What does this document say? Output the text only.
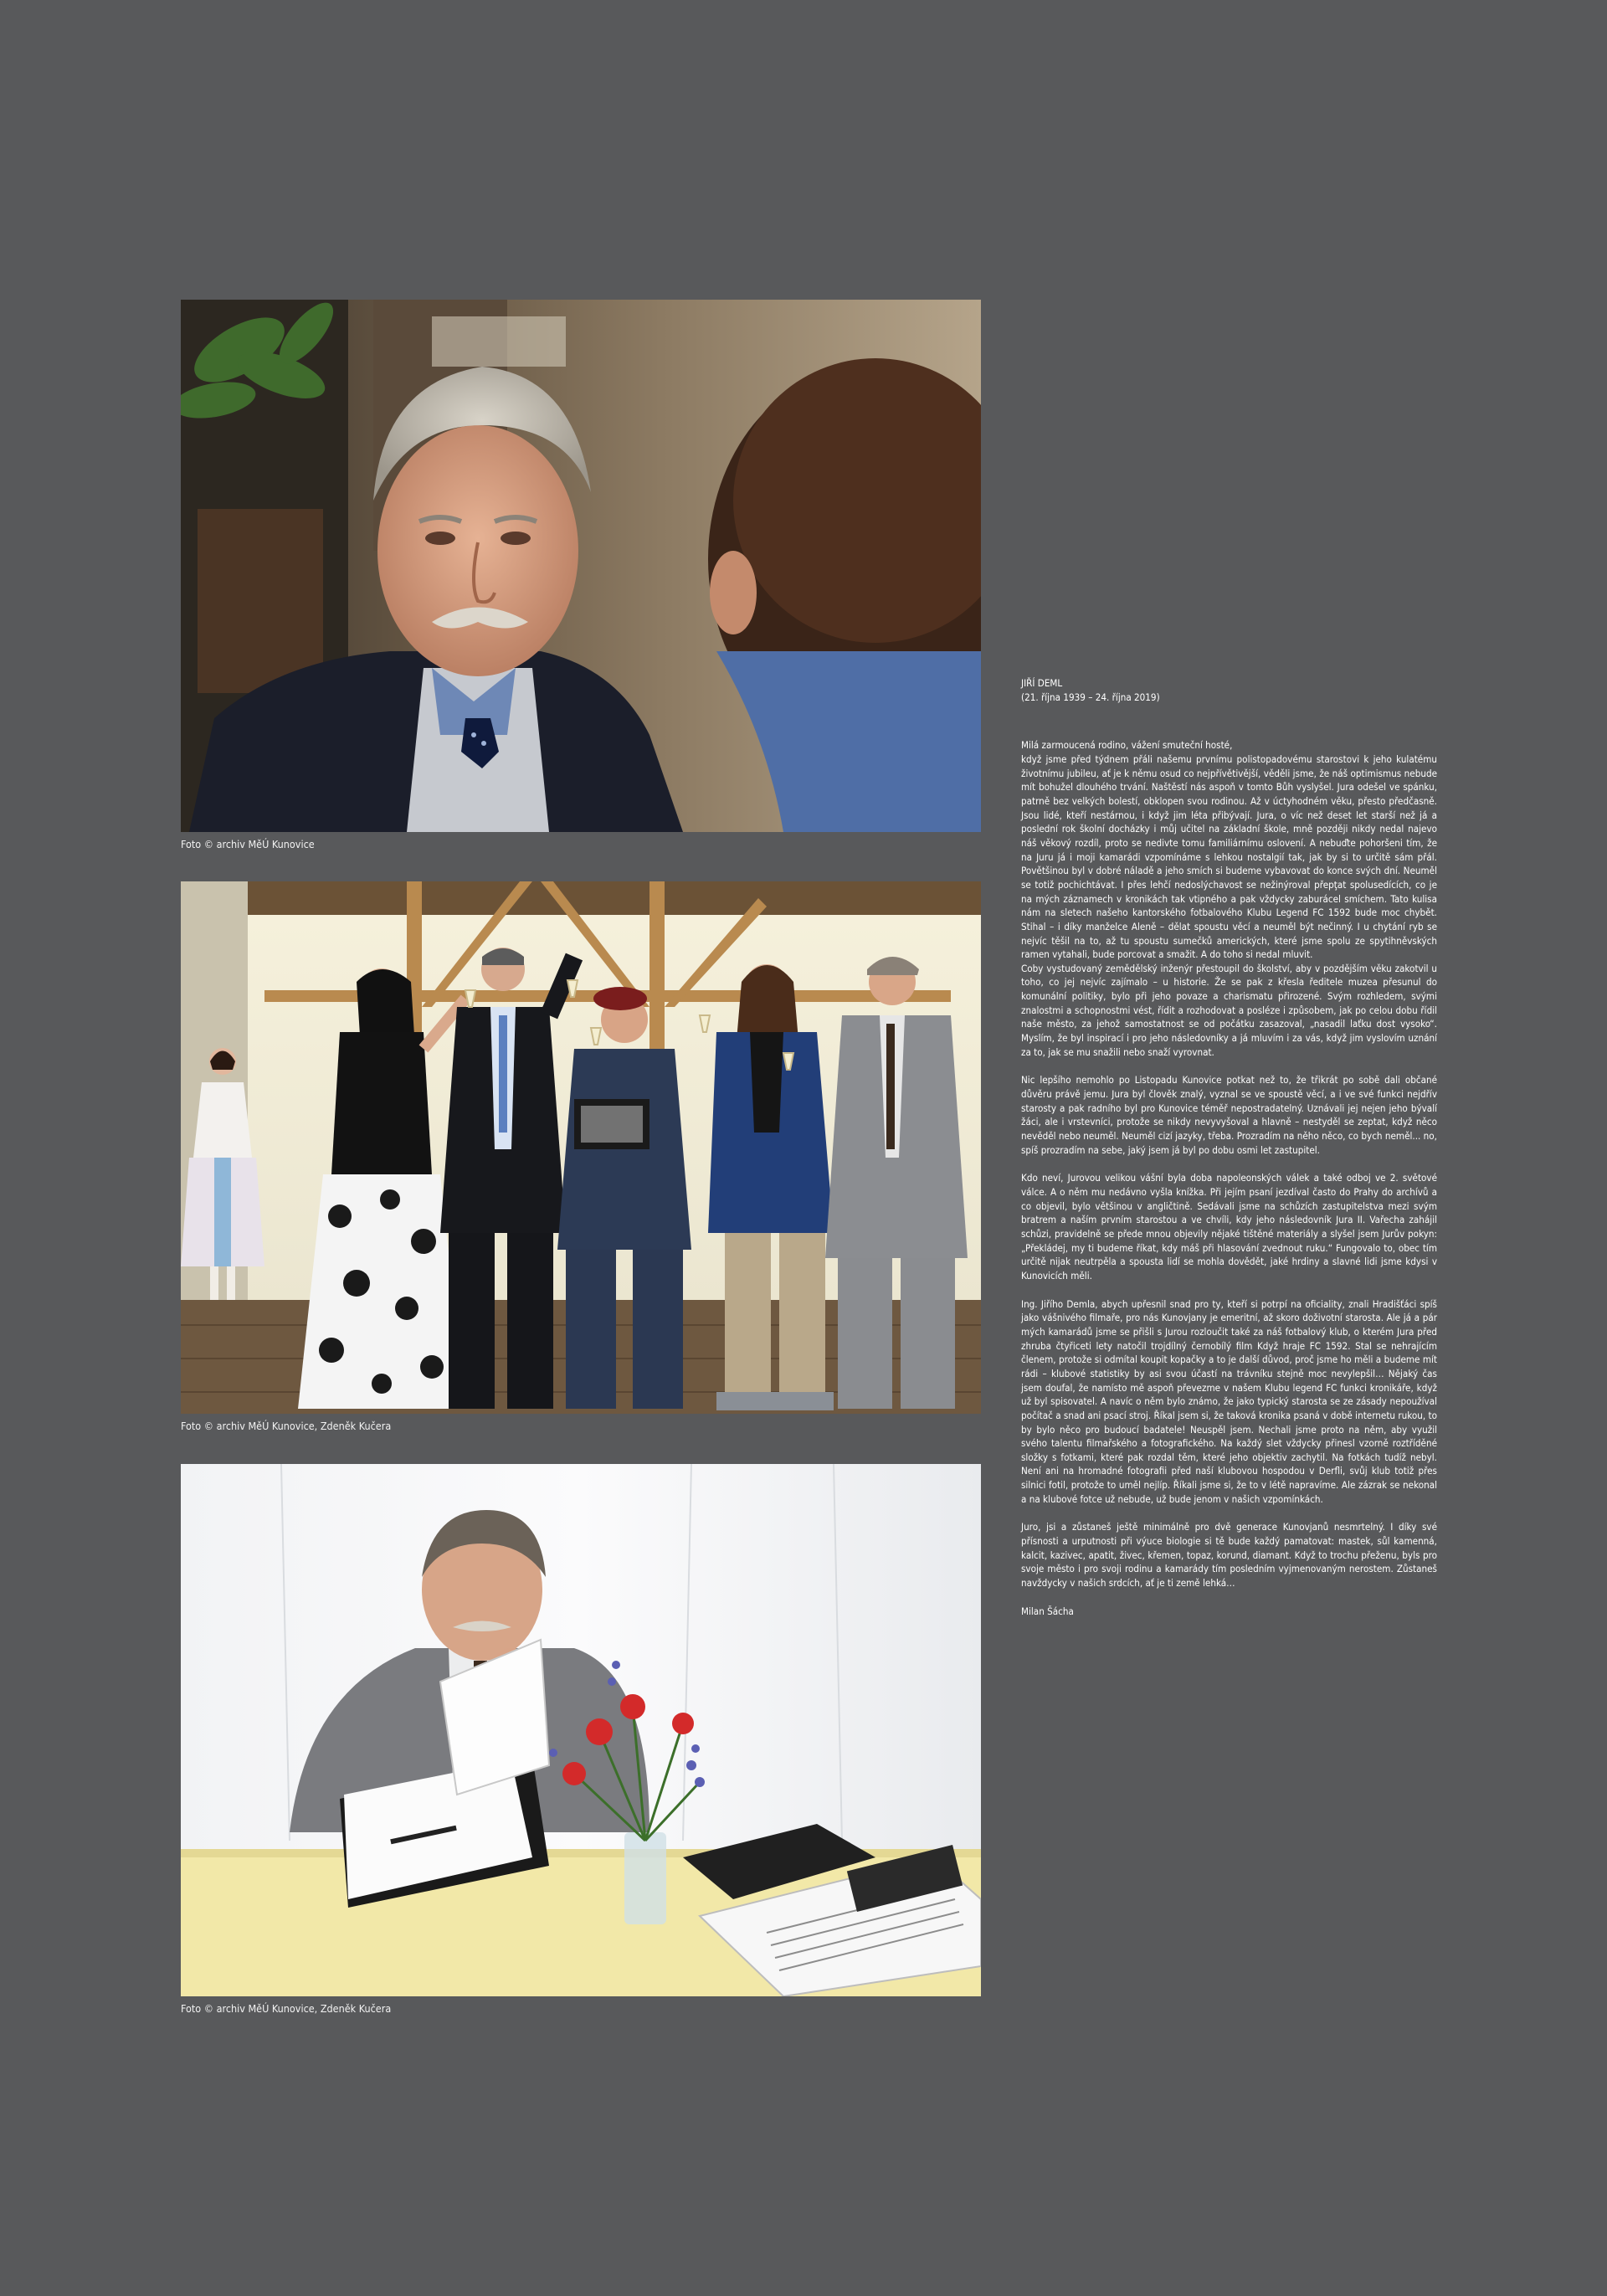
Foto © archiv MěÚ Kunovice
Foto © archiv MěÚ Kunovice, Zdeněk Kučera
Foto © archiv MěÚ Kunovice, Zdeněk Kučera
JIŘÍ DEML
(21. října 1939 – 24. října 2019)

Milá zarmoucená rodino, vážení smuteční hosté,
když jsme před týdnem přáli našemu prvnímu polistopadovému starostovi k jeho kulatému životnímu jubileu, ať je k němu osud co nejpřívětivější, věděli jsme, že náš optimismus nebude mít bohužel dlouhého trvání. Naštěstí nás aspoň v tomto Bůh vyslyšel. Jura odešel ve spánku, patrně bez velkých bolestí, obklopen svou rodinou. Až v úctyhodném věku, přesto předčasně. Jsou lidé, kteří nestárnou, i když jim léta přibývají. Jura, o víc než deset let starší než já a poslední rok školní docházky i můj učitel na základní škole, mně později nikdy nedal najevo náš věkový rozdíl, proto se nedivte tomu familiárnímu oslovení. A nebuďte pohoršeni tím, že na Juru já i moji kamarádi vzpomínáme s lehkou nostalgií tak, jak by si to určitě sám přál. Povětšinou byl v dobré náladě a jeho smích si budeme vybavovat do konce svých dní. Neuměl se totiž pochichtávat. I přes lehčí nedoslýchavost se nežinýroval přepţat spolusedících, co je na mých záznamech v kronikách tak vtipného a pak vždycky zaburácel smíchem. Tato kulisa nám na sletech našeho kantorského fotbalového Klubu Legend FC 1592 bude moc chybět. Stihal – i díky manželce Aleně – dělat spoustu věcí a neuměl být nečinný. I u chytání ryb se nejvíc těšil na to, až tu spoustu sumečků amerických, které jsme spolu ze spytihněvských ramen vytahali, bude porcovat a smažit. A do toho si nedal mluvit.
Coby vystudovaný zemědělský inženýr přestoupil do školství, aby v pozdějším věku zakotvil u toho, co jej nejvíc zajímalo – u historie. Že se pak z křesla ředitele muzea přesunul do komunální politiky, bylo při jeho povaze a charismatu přirozené. Svým rozhledem, svými znalostmi a schopnostmi vést, řídit a rozhodovat a posléze i způsobem, jak po celou dobu řídil naše město, za jehož samostatnost se od počátku zasazoval, „nasadil laťku dost vysoko“. Myslím, že byl inspirací i pro jeho následovníky a já mluvím i za vás, když jim vyslovím uznání za to, jak se mu snažili nebo snaží vyrovnat.

Nic lepšího nemohlo po Listopadu Kunovice potkat než to, že třikrát po sobě dali občané důvěru právě jemu. Jura byl člověk znalý, vyznal se ve spoustě věcí, a i ve své funkci nejdřív starosty a pak radního byl pro Kunovice téměř nepostradatelný. Uznávali jej nejen jeho bývalí žáci, ale i vrstevníci, protože se nikdy nevyvyšoval a hlavně – nestyděl se zeptat, když něco nevěděl nebo neuměl. Neuměl cizí jazyky, třeba. Prozradím na něho něco, co bych neměl... no, spíš prozradím na sebe, jaký jsem já byl po dobu osmi let zastupitel.

Kdo neví, Jurovou velikou vášní byla doba napoleonských válek a také odboj ve 2. světové válce. A o něm mu nedávno vyšla knížka. Při jejím psaní jezdíval často do Prahy do archívů a co objevil, bylo většinou v angličtině. Sedávali jsme na schůzích zastupitelstva mezi svým bratrem a naším prvním starostou a ve chvíli, kdy jeho následovník Jura II. Vařecha zahájil schůzi, pravidelně se přede mnou objevily nějaké tištěné materiály a slyšel jsem Jurův pokyn: „Překládej, my ti budeme říkat, kdy máš při hlasování zvednout ruku.“ Fungovalo to, obec tím určitě nijak neutrpěla a spousta lidí se mohla dovědět, jaké hrdiny a slavné lidi jsme kdysi v Kunovicích měli.

Ing. Jiřího Demla, abych upřesnil snad pro ty, kteří si potrpí na oficiality, znali Hradišťáci spíš jako vášnivého filmaře, pro nás Kunovjany je emeritní, až skoro doživotní starosta. Ale já a pár mých kamarádů jsme se přišli s Jurou rozloučit také za náš fotbalový klub, o kterém Jura před zhruba čtyřiceti lety natočil trojdílný černobílý film Když hraje FC 1592. Stal se nehrajícím členem, protože si odmítal koupit kopačky a to je další důvod, proč jsme ho měli a budeme mít rádi – klubové statistiky by asi svou účastí na trávníku stejně moc nevylepšil… Nějaký čas jsem doufal, že namísto mě aspoň převezme v našem Klubu legend FC funkci kronikáře, když už byl spisovatel. A navíc o něm bylo známo, že jako typický starosta se ze zásady nepoužíval počítač a snad ani psací stroj. Říkal jsem si, že taková kronika psaná v době internetu rukou, to by bylo něco pro budoucí badatele! Neuspěl jsem. Nechali jsme proto na něm, aby využil svého talentu filmařského a fotografického. Na každý slet vždycky přinesl vzorně roztříděné složky s fotkami, které pak rozdal těm, které jeho objektiv zachytil. Na fotkách tudíž nebyl. Není ani na hromadné fotografii před naší klubovou hospodou v Derfli, svůj klub totiž přes silnici fotil, protože to uměl nejlíp. Říkali jsme si, že to v létě napravíme. Ale zázrak se nekonal a na klubové fotce už nebude, už bude jenom v našich vzpomínkách.

Juro, jsi a zůstaneš ještě minimálně pro dvě generace Kunovjanů nesmrtelný. I díky své přísnosti a urputnosti při výuce biologie si tě bude každý pamatovat: mastek, sůl kamenná, kalcit, kazivec, apatit, živec, křemen, topaz, korund, diamant. Když to trochu přeženu, byls pro svoje město i pro svoji rodinu a kamarády tím posledním vyjmenovaným nerostem. Zůstaneš navždycky v našich srdcích, ať je ti země lehká…

Milan Šácha
